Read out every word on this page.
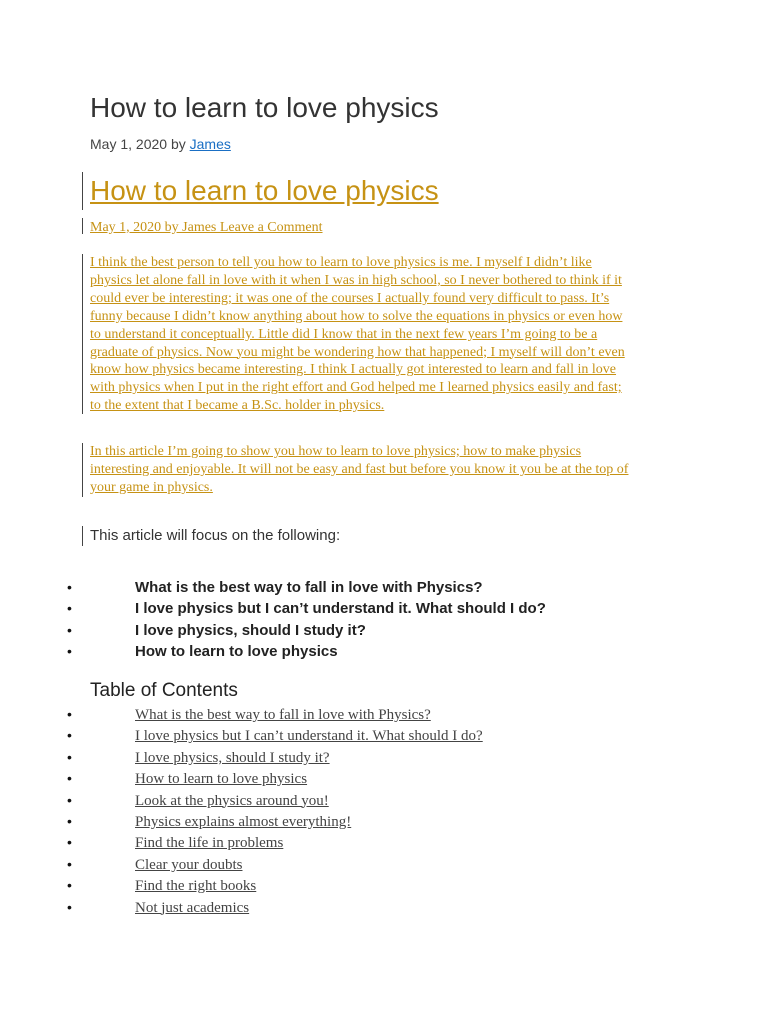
How to learn to love physics
May 1, 2020 by James
How to learn to love physics
May 1, 2020 by James Leave a Comment
I think the best person to tell you how to learn to love physics is me. I myself I didn’t like
physics let alone fall in love with it when I was in high school, so I never bothered to think if it
could ever be interesting; it was one of the courses I actually found very difficult to pass. It’s
funny because I didn’t know anything about how to solve the equations in physics or even how
to understand it conceptually. Little did I know that in the next few years I’m going to be a
graduate of physics. Now you might be wondering how that happened; I myself will don’t even
know how physics became interesting. I think I actually got interested to learn and fall in love
with physics when I put in the right effort and God helped me I learned physics easily and fast;
to the extent that I became a B.Sc. holder in physics.
In this article I’m going to show you how to learn to love physics; how to make physics
interesting and enjoyable. It will not be easy and fast but before you know it you be at the top of
your game in physics.
This article will focus on the following:
•	What is the best way to fall in love with Physics?
•	I love physics but I can’t understand it. What should I do?
•	I love physics, should I study it?
•	How to learn to love physics
Table of Contents
•	What is the best way to fall in love with Physics?
•	I love physics but I can’t understand it. What should I do?
•	I love physics, should I study it?
•	How to learn to love physics
•	Look at the physics around you!
•	Physics explains almost everything!
•	Find the life in problems
•	Clear your doubts
•	Find the right books
•	Not just academics
